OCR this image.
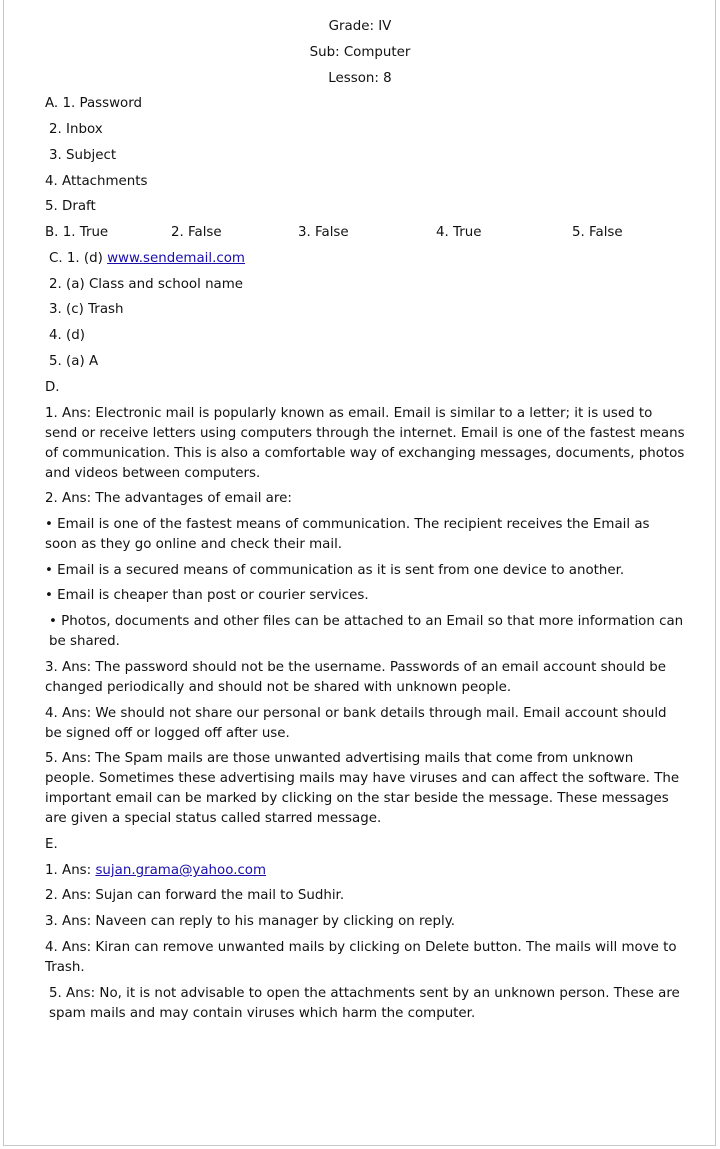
Grade: IV
Sub: Computer
Lesson: 8
A. 1. Password
2. Inbox
3. Subject
4. Attachments
5. Draft
B. 1. True	2. False	3. False	4. True	5. False
C. 1. (d) www.sendemail.com
2. (a) Class and school name
3. (c) Trash
4. (d)
5. (a) A
D.
1. Ans: Electronic mail is popularly known as email. Email is similar to a letter; it is used to send or receive letters using computers through the internet. Email is one of the fastest means of communication. This is also a comfortable way of exchanging messages, documents, photos and videos between computers.
2. Ans: The advantages of email are:
• Email is one of the fastest means of communication. The recipient receives the Email as soon as they go online and check their mail.
• Email is a secured means of communication as it is sent from one device to another.
• Email is cheaper than post or courier services.
• Photos, documents and other files can be attached to an Email so that more information can be shared.
3. Ans: The password should not be the username. Passwords of an email account should be changed periodically and should not be shared with unknown people.
4. Ans: We should not share our personal or bank details through mail. Email account should be signed off or logged off after use.
5. Ans: The Spam mails are those unwanted advertising mails that come from unknown people. Sometimes these advertising mails may have viruses and can affect the software. The important email can be marked by clicking on the star beside the message. These messages are given a special status called starred message.
E.
1. Ans: sujan.grama@yahoo.com
2. Ans: Sujan can forward the mail to Sudhir.
3. Ans: Naveen can reply to his manager by clicking on reply.
4. Ans: Kiran can remove unwanted mails by clicking on Delete button. The mails will move to Trash.
5. Ans: No, it is not advisable to open the attachments sent by an unknown person. These are spam mails and may contain viruses which harm the computer.
